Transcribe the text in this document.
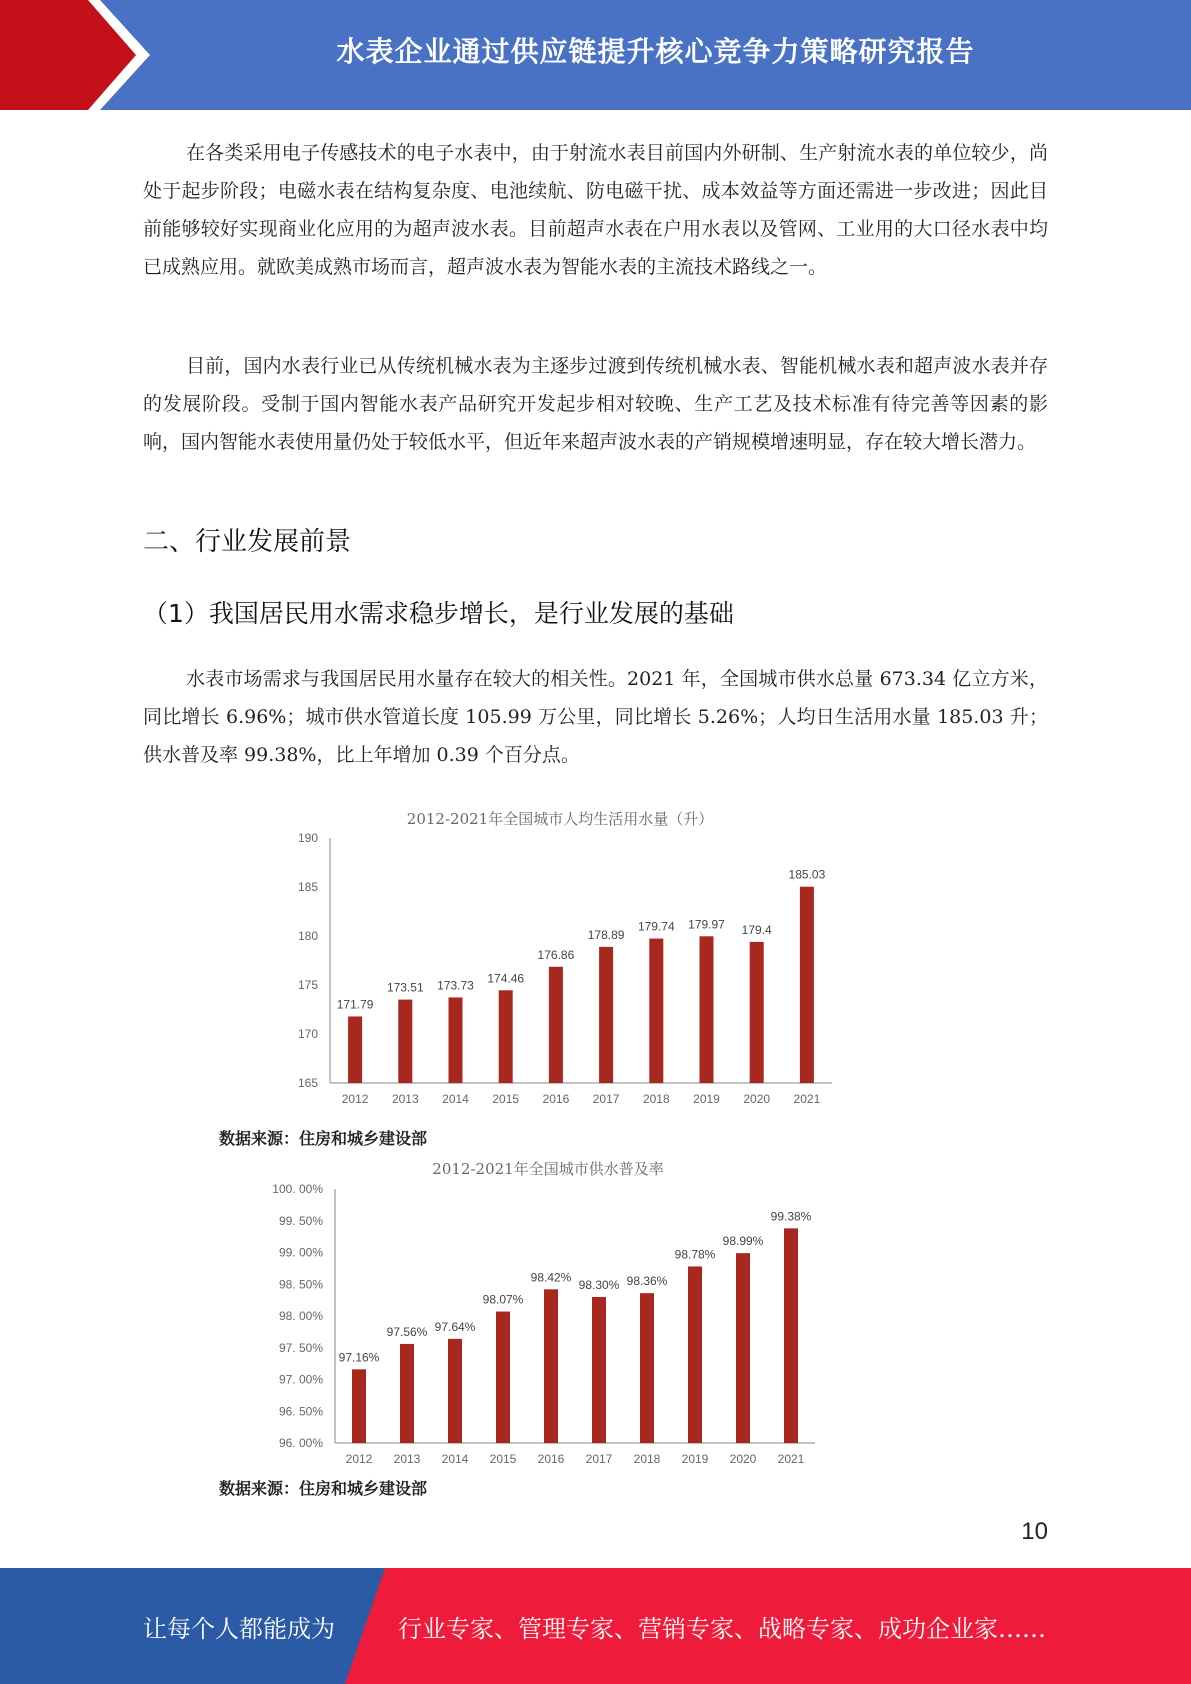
水表企业通过供应链提升核心竞争力策略研究报告
在各类采用电子传感技术的电子水表中，由于射流水表目前国内外研制、生产射流水表的单位较少，尚处于起步阶段；电磁水表在结构复杂度、电池续航、防电磁干扰、成本效益等方面还需进一步改进；因此目前能够较好实现商业化应用的为超声波水表。目前超声水表在户用水表以及管网、工业用的大口径水表中均已成熟应用。就欧美成熟市场而言，超声波水表为智能水表的主流技术路线之一。
目前，国内水表行业已从传统机械水表为主逐步过渡到传统机械水表、智能机械水表和超声波水表并存的发展阶段。受制于国内智能水表产品研究开发起步相对较晚、生产工艺及技术标准有待完善等因素的影响，国内智能水表使用量仍处于较低水平，但近年来超声波水表的产销规模增速明显，存在较大增长潜力。
二、行业发展前景
（1）我国居民用水需求稳步增长，是行业发展的基础
水表市场需求与我国居民用水量存在较大的相关性。2021 年，全国城市供水总量 673.34 亿立方米，同比增长 6.96%；城市供水管道长度 105.99 万公里，同比增长 5.26%；人均日生活用水量 185.03 升；供水普及率 99.38%，比上年增加 0.39 个百分点。
2012-2021年全国城市人均生活用水量（升）
190
185
180
175
170
165
171.79
2012
173.51
2013
173.73
2014
174.46
2015
176.86
2016
178.89
2017
179.74
2018
179.97
2019
179.4
2020
185.03
2021
2012-2021年全国城市供水普及率
100. 00%
99. 50%
99. 00%
98. 50%
98. 00%
97. 50%
97. 00%
96. 50%
96. 00%
97.16%
2012
97.56%
2013
97.64%
2014
98.07%
2015
98.42%
2016
98.30%
2017
98.36%
2018
98.78%
2019
98.99%
2020
99.38%
2021
数据来源：住房和城乡建设部
数据来源：住房和城乡建设部
10
让每个人都能成为	行业专家、管理专家、营销专家、战略专家、成功企业家……
